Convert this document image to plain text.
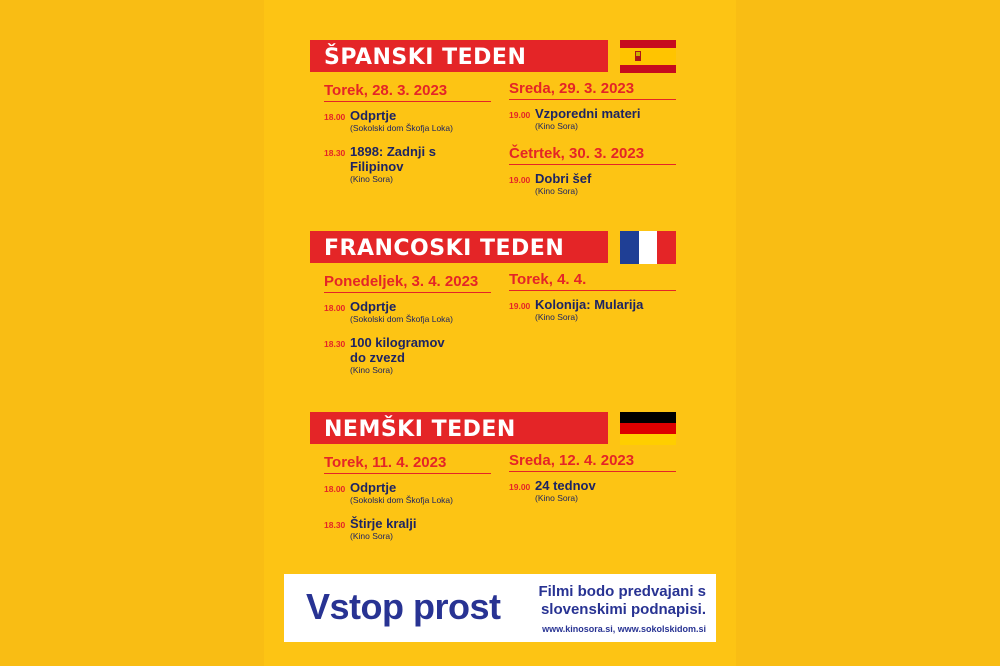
ŠPANSKI TEDEN
Torek, 28. 3. 2023
18.00 Odprtje
(Sokolski dom Škofja Loka)
18.30 1898: Zadnji s Filipinov
(Kino Sora)
Sreda, 29. 3. 2023
19.00 Vzporedni materi
(Kino Sora)
Četrtek, 30. 3. 2023
19.00 Dobri šef
(Kino Sora)
FRANCOSKI TEDEN
Ponedeljek, 3. 4. 2023
18.00 Odprtje
(Sokolski dom Škofja Loka)
18.30 100 kilogramov do zvezd
(Kino Sora)
Torek, 4. 4.
19.00 Kolonija: Mularija
(Kino Sora)
NEMŠKI TEDEN
Torek, 11. 4. 2023
18.00 Odprtje
(Sokolski dom Škofja Loka)
18.30 Štirje kralji
(Kino Sora)
Sreda, 12. 4. 2023
19.00 24 tednov
(Kino Sora)
Vstop prost	Filmi bodo predvajani s
slovenskimi podnapisi.
www.kinosora.si, www.sokolskidom.si
